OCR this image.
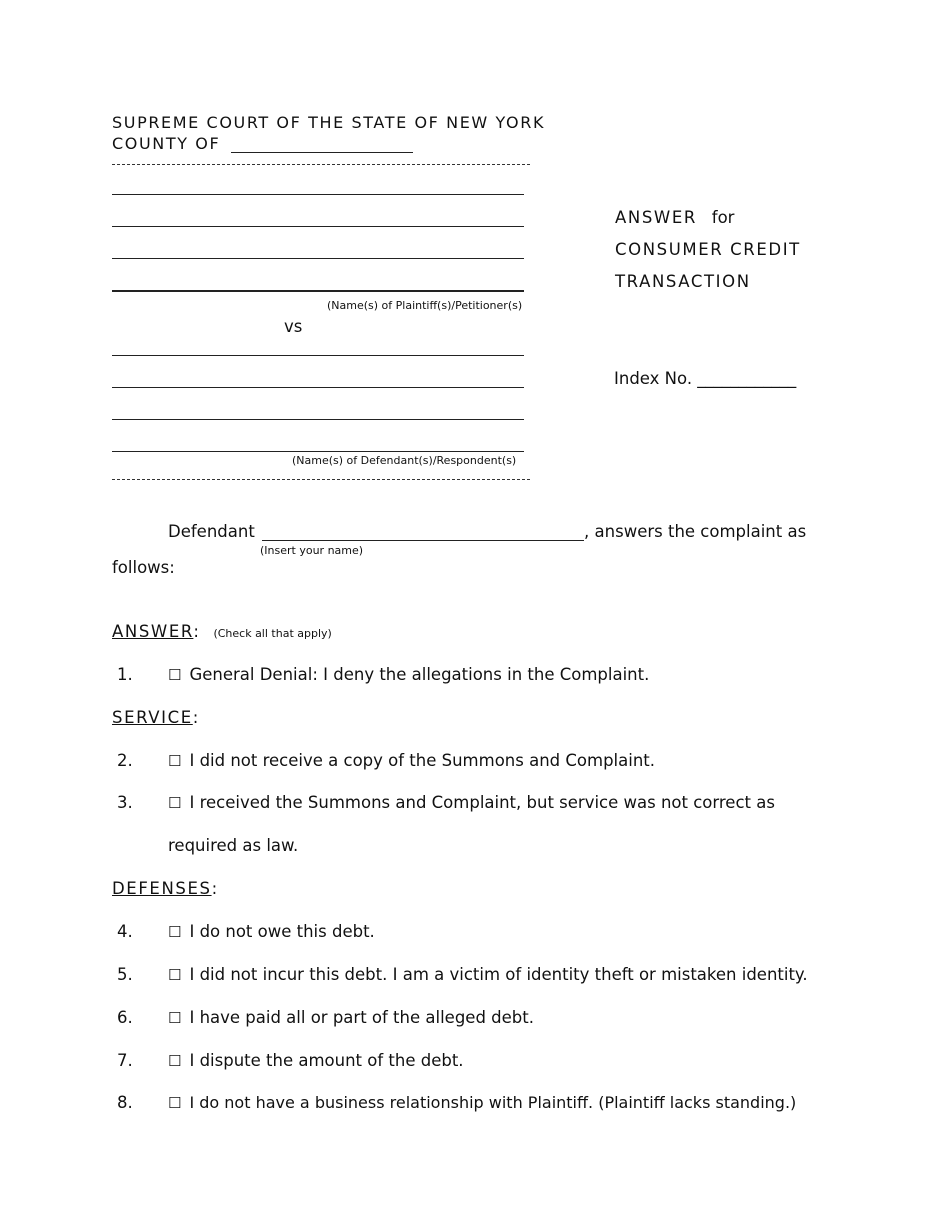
SUPREME COURT OF THE STATE OF NEW YORK
COUNTY OF
(Name(s) of Plaintiff(s)/Petitioner(s)
vs
(Name(s) of Defendant(s)/Respondent(s)
ANSWER for
CONSUMER CREDIT
TRANSACTION
Index No. ____________
Defendant	, answers the complaint as
(Insert your name)
follows:
ANSWER: (Check all that apply)
1. ☐ General Denial: I deny the allegations in the Complaint.
SERVICE:
2. ☐ I did not receive a copy of the Summons and Complaint.
3. ☐ I received the Summons and Complaint, but service was not correct as
required as law.
DEFENSES:
4. ☐ I do not owe this debt.
5. ☐ I did not incur this debt. I am a victim of identity theft or mistaken identity.
6. ☐ I have paid all or part of the alleged debt.
7. ☐ I dispute the amount of the debt.
8. ☐ I do not have a business relationship with Plaintiff. (Plaintiff lacks standing.)
